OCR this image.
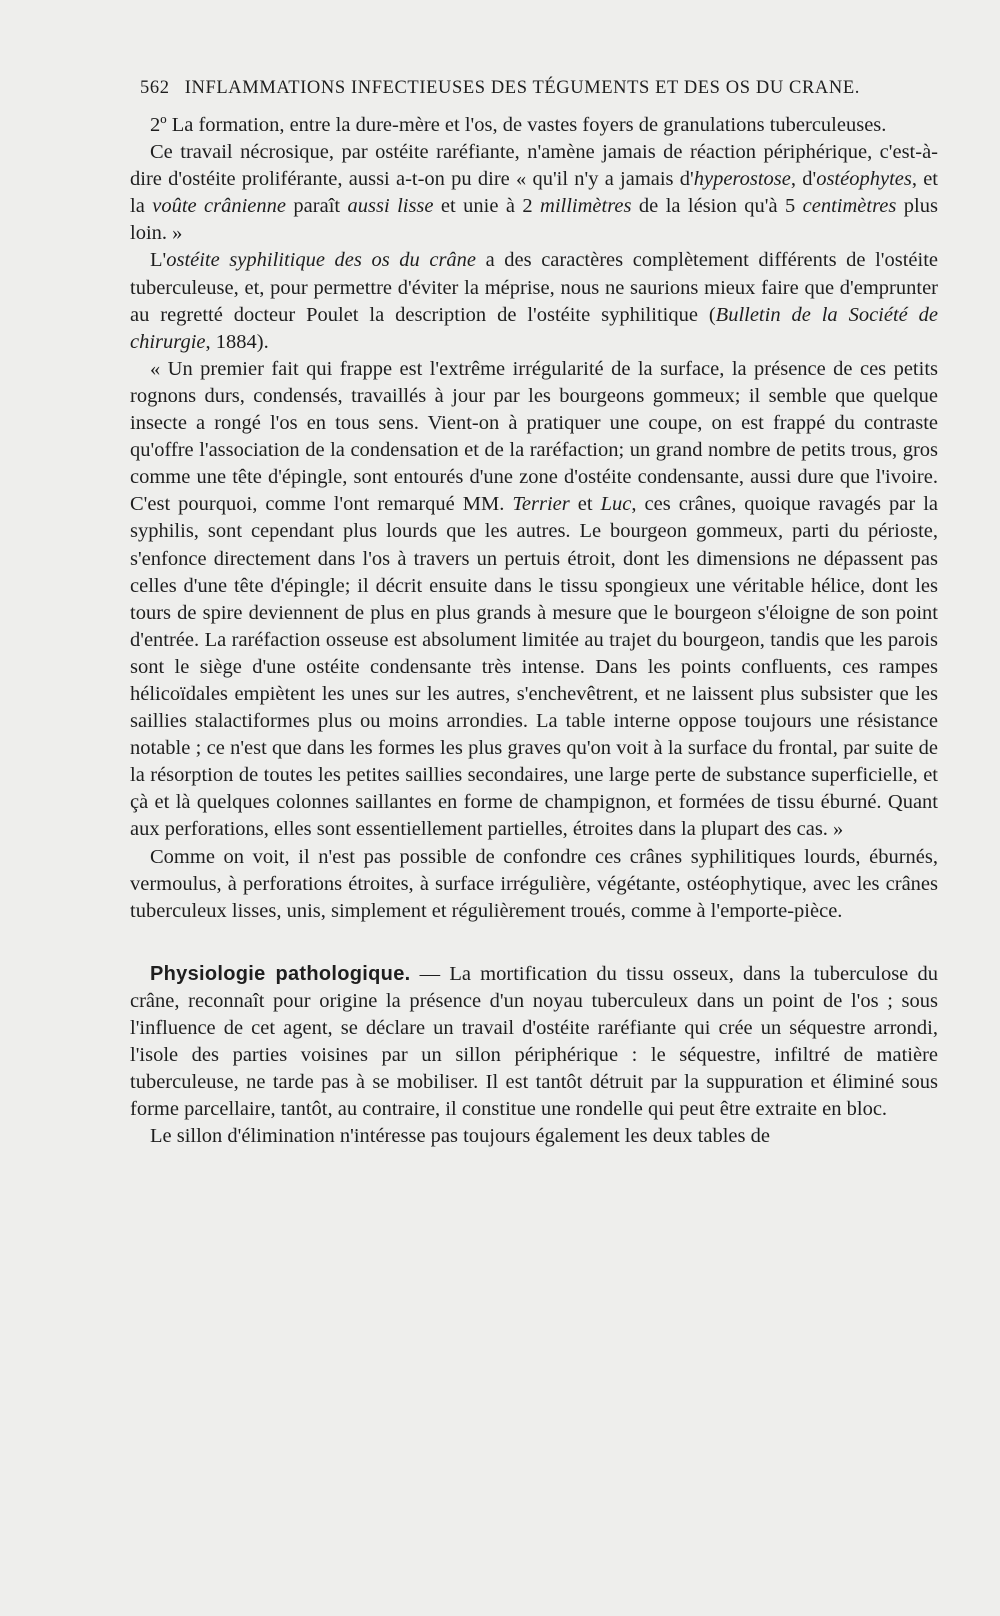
562 INFLAMMATIONS INFECTIEUSES DES TÉGUMENTS ET DES OS DU CRANE.

2º La formation, entre la dure-mère et l'os, de vastes foyers de granulations tuberculeuses.

Ce travail nécrosique, par ostéite raréfiante, n'amène jamais de réaction périphérique, c'est-à-dire d'ostéite proliférante, aussi a-t-on pu dire « qu'il n'y a jamais d'hyperostose, d'ostéophytes, et la voûte crânienne paraît aussi lisse et unie à 2 millimètres de la lésion qu'à 5 centimètres plus loin. »

L'ostéite syphilitique des os du crâne a des caractères complètement différents de l'ostéite tuberculeuse, et, pour permettre d'éviter la méprise, nous ne saurions mieux faire que d'emprunter au regretté docteur Poulet la description de l'ostéite syphilitique (Bulletin de la Société de chirurgie, 1884).

« Un premier fait qui frappe est l'extrême irrégularité de la surface, la présence de ces petits rognons durs, condensés, travaillés à jour par les bourgeons gommeux; il semble que quelque insecte a rongé l'os en tous sens. Vient-on à pratiquer une coupe, on est frappé du contraste qu'offre l'association de la condensation et de la raréfaction; un grand nombre de petits trous, gros comme une tête d'épingle, sont entourés d'une zone d'ostéite condensante, aussi dure que l'ivoire. C'est pourquoi, comme l'ont remarqué MM. Terrier et Luc, ces crânes, quoique ravagés par la syphilis, sont cependant plus lourds que les autres. Le bourgeon gommeux, parti du périoste, s'enfonce directement dans l'os à travers un pertuis étroit, dont les dimensions ne dépassent pas celles d'une tête d'épingle; il décrit ensuite dans le tissu spongieux une véritable hélice, dont les tours de spire deviennent de plus en plus grands à mesure que le bourgeon s'éloigne de son point d'entrée. La raréfaction osseuse est absolument limitée au trajet du bourgeon, tandis que les parois sont le siège d'une ostéite condensante très intense. Dans les points confluents, ces rampes hélicoïdales empiètent les unes sur les autres, s'enchevêtrent, et ne laissent plus subsister que les saillies stalactiformes plus ou moins arrondies. La table interne oppose toujours une résistance notable ; ce n'est que dans les formes les plus graves qu'on voit à la surface du frontal, par suite de la résorption de toutes les petites saillies secondaires, une large perte de substance superficielle, et çà et là quelques colonnes saillantes en forme de champignon, et formées de tissu éburné. Quant aux perforations, elles sont essentiellement partielles, étroites dans la plupart des cas. »

Comme on voit, il n'est pas possible de confondre ces crânes syphilitiques lourds, éburnés, vermoulus, à perforations étroites, à surface irrégulière, végétante, ostéophytique, avec les crânes tuberculeux lisses, unis, simplement et régulièrement troués, comme à l'emporte-pièce.

Physiologie pathologique. — La mortification du tissu osseux, dans la tuberculose du crâne, reconnaît pour origine la présence d'un noyau tuberculeux dans un point de l'os ; sous l'influence de cet agent, se déclare un travail d'ostéite raréfiante qui crée un séquestre arrondi, l'isole des parties voisines par un sillon périphérique : le séquestre, infiltré de matière tuberculeuse, ne tarde pas à se mobiliser. Il est tantôt détruit par la suppuration et éliminé sous forme parcellaire, tantôt, au contraire, il constitue une rondelle qui peut être extraite en bloc.

Le sillon d'élimination n'intéresse pas toujours également les deux tables de
